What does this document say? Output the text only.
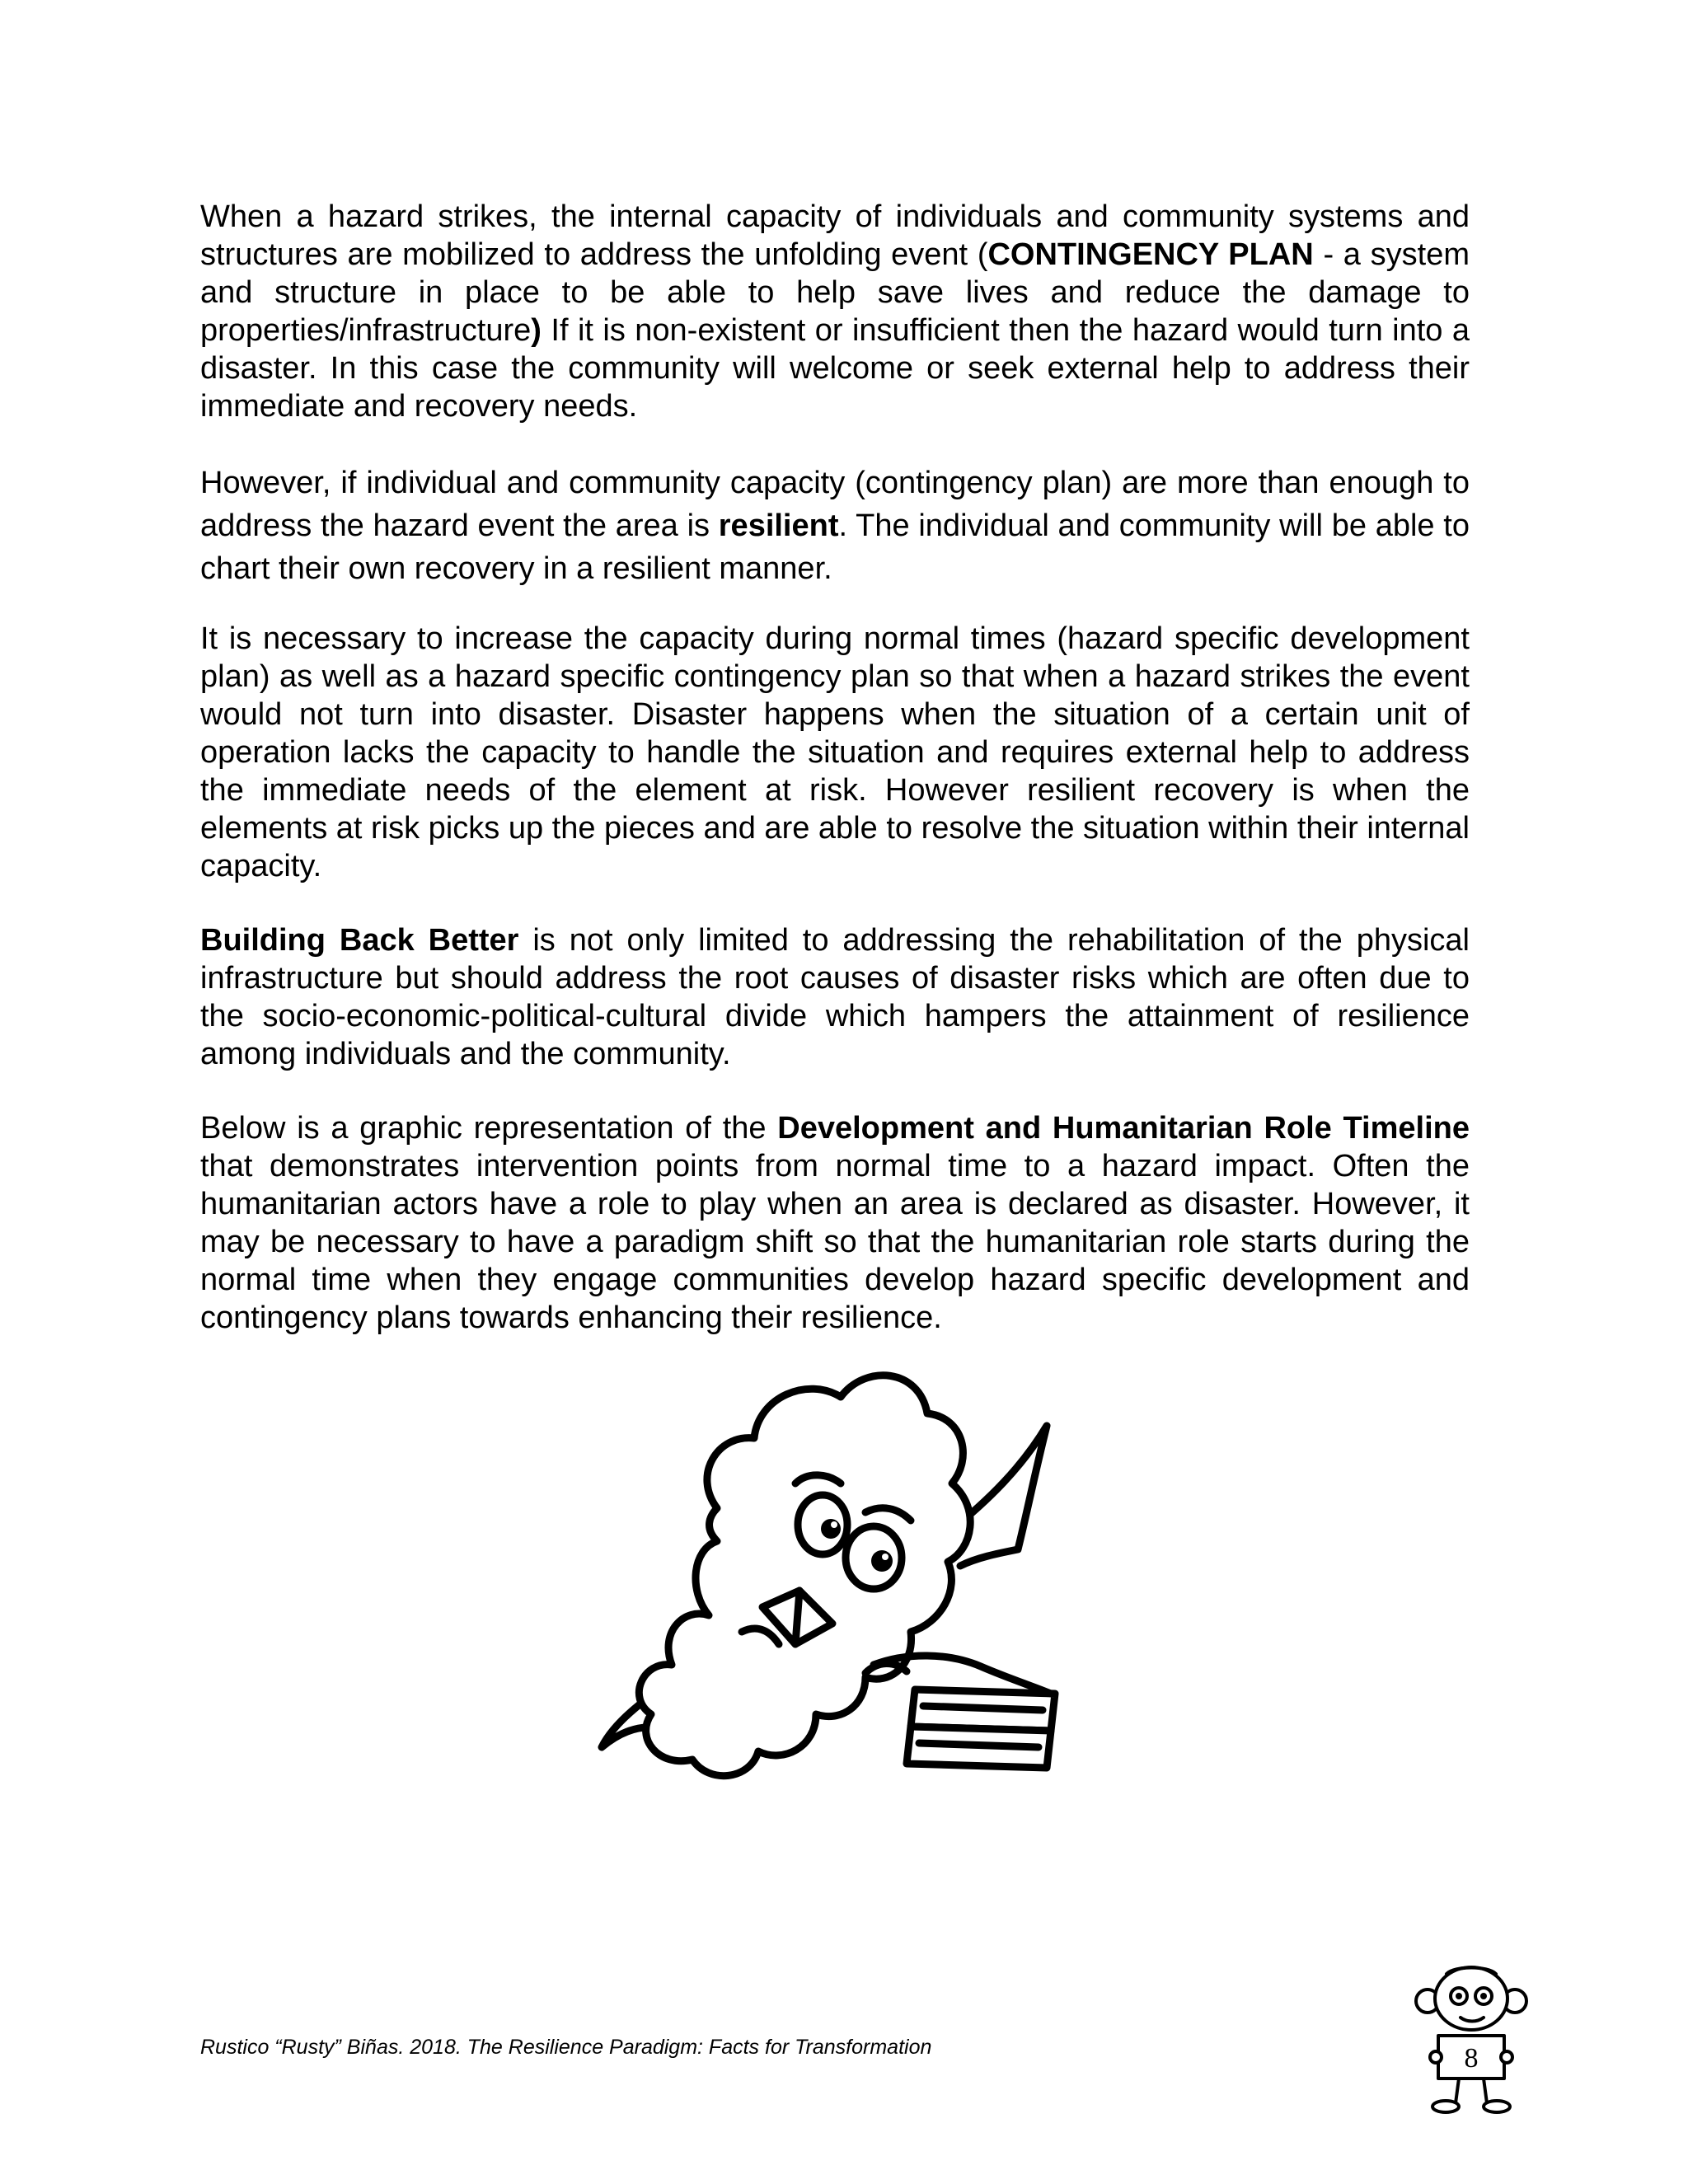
When a hazard strikes, the internal capacity of individuals and community systems and structures are mobilized to address the unfolding event (CONTINGENCY PLAN - a system and structure in place to be able to help save lives and reduce the damage to properties/infrastructure) If it is non-existent or insufficient then the hazard would turn into a disaster. In this case the community will welcome or seek external help to address their immediate and recovery needs.

However, if individual and community capacity (contingency plan) are more than enough to address the hazard event the area is resilient. The individual and community will be able to chart their own recovery in a resilient manner.

It is necessary to increase the capacity during normal times (hazard specific development plan) as well as a hazard specific contingency plan so that when a hazard strikes the event would not turn into disaster. Disaster happens when the situation of a certain unit of operation lacks the capacity to handle the situation and requires external help to address the immediate needs of the element at risk. However resilient recovery is when the elements at risk picks up the pieces and are able to resolve the situation within their internal capacity.

Building Back Better is not only limited to addressing the rehabilitation of the physical infrastructure but should address the root causes of disaster risks which are often due to the socio-economic-political-cultural divide which hampers the attainment of resilience among individuals and the community.

Below is a graphic representation of the Development and Humanitarian Role Timeline that demonstrates intervention points from normal time to a hazard impact. Often the humanitarian actors have a role to play when an area is declared as disaster. However, it may be necessary to have a paradigm shift so that the humanitarian role starts during the normal time when they engage communities develop hazard specific development and contingency plans towards enhancing their resilience.

Rustico “Rusty” Biñas. 2018. The Resilience Paradigm: Facts for Transformation	8
